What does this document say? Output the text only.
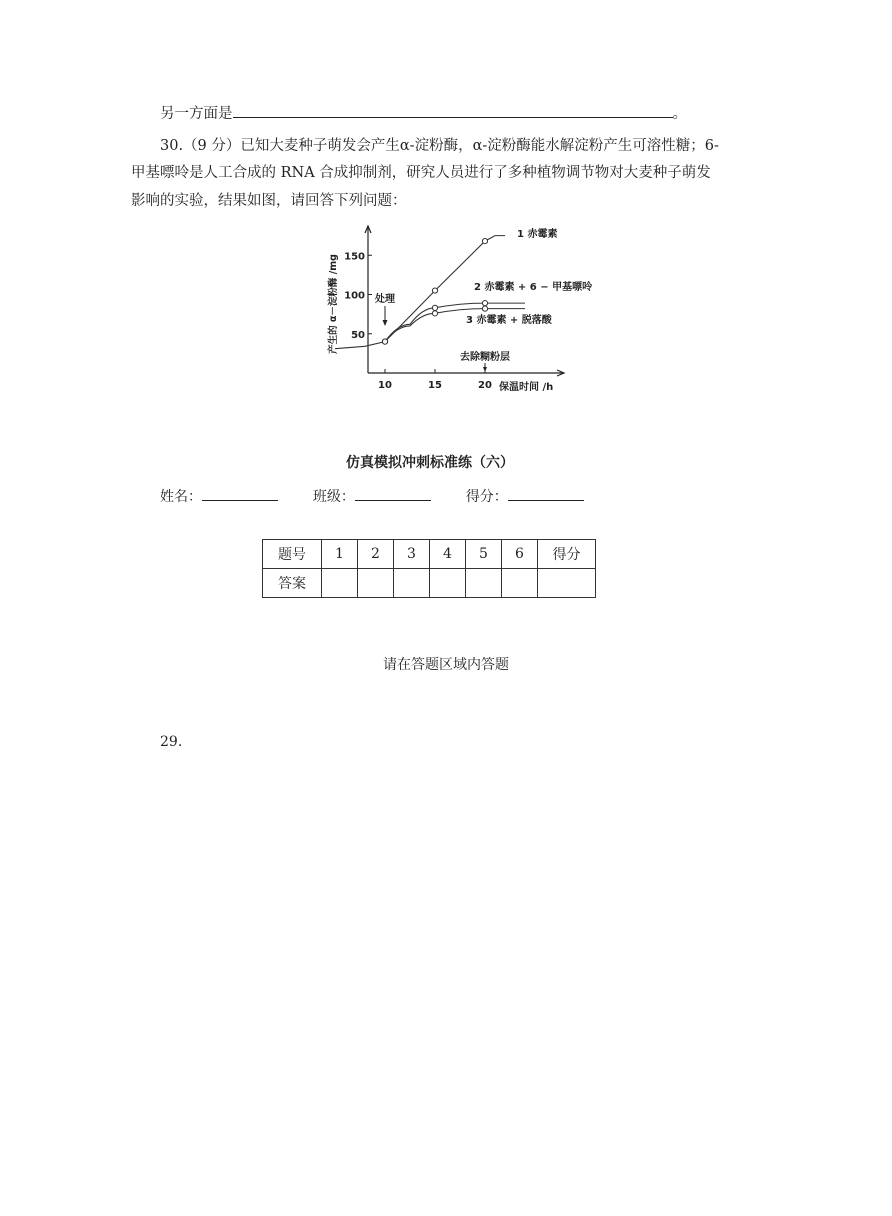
另一方面是	。
30.（9 分）已知大麦种子萌发会产生α-淀粉酶，α-淀粉酶能水解淀粉产生可溶性糖；6-
甲基嘌呤是人工合成的 RNA 合成抑制剂，研究人员进行了多种植物调节物对大麦种子萌发
影响的实验，结果如图，请回答下列问题：
50
100
150
10	15	20 保温时间 /h
产生的 α－淀粉酶 /mg
1 赤霉素
2 赤霉素 + 6 − 甲基嘌呤
3 赤霉素 + 脱落酸
处理
去除糊粉层
仿真模拟冲刺标准练（六）
姓名：	班级：	得分：
题号	1	2	3	4	5	6	得分
答案							
请在答题区域内答题
29.
